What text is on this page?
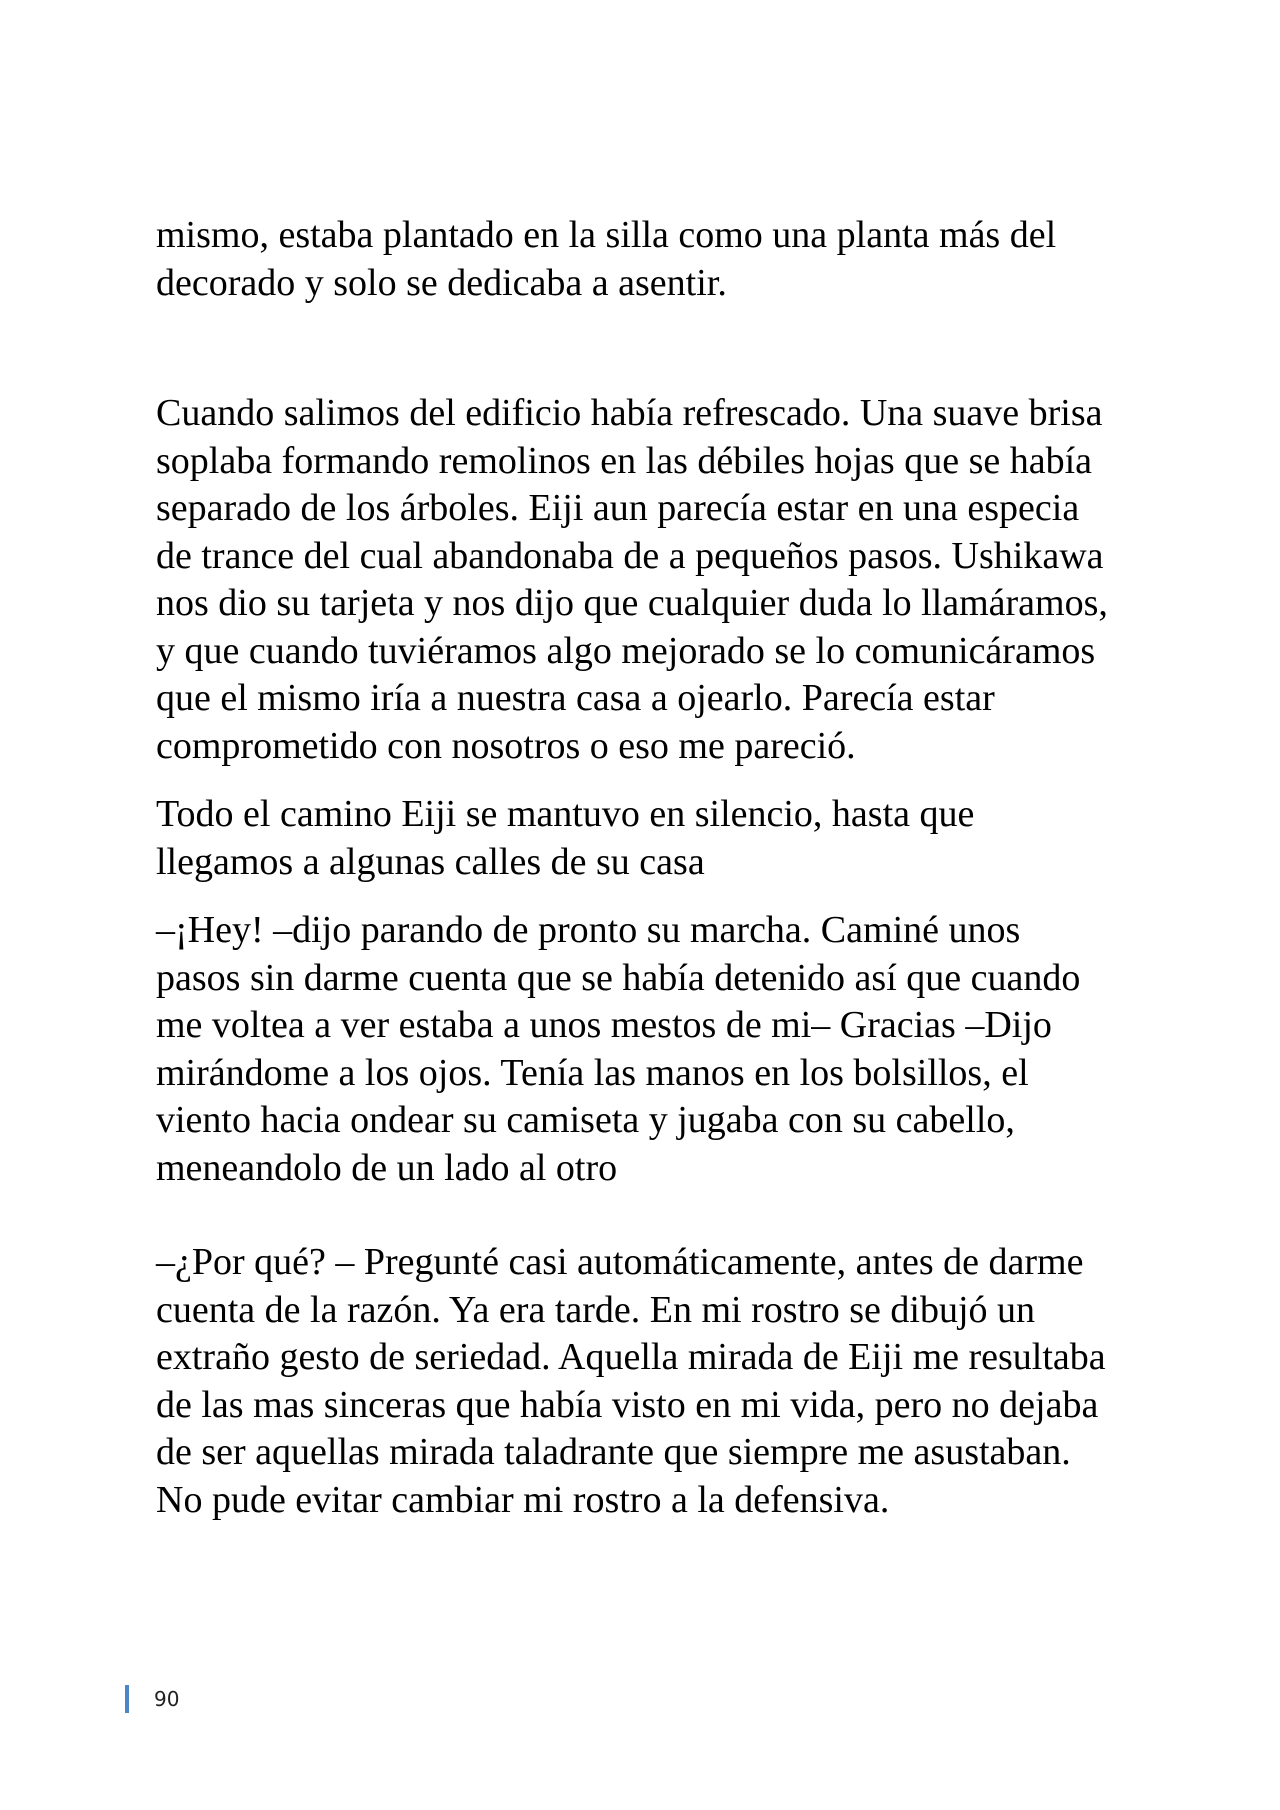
mismo, estaba plantado en la silla como una planta más del
decorado y solo se dedicaba a asentir.

Cuando salimos del edificio había refrescado. Una suave brisa
soplaba formando remolinos en las débiles hojas que se había
separado de los árboles. Eiji aun parecía estar en una especia
de trance del cual abandonaba de a pequeños pasos. Ushikawa
nos dio su tarjeta y nos dijo que cualquier duda lo llamáramos,
y que cuando tuviéramos algo mejorado se lo comunicáramos
que el mismo iría a nuestra casa a ojearlo. Parecía estar
comprometido con nosotros o eso me pareció.

Todo el camino Eiji se mantuvo en silencio, hasta que
llegamos a algunas calles de su casa

–¡Hey! –dijo parando de pronto su marcha. Caminé unos
pasos sin darme cuenta que se había detenido así que cuando
me voltea a ver estaba a unos mestos de mi– Gracias –Dijo
mirándome a los ojos. Tenía las manos en los bolsillos, el
viento hacia ondear su camiseta y jugaba con su cabello,
meneandolo de un lado al otro

–¿Por qué? – Pregunté casi automáticamente, antes de darme
cuenta de la razón. Ya era tarde. En mi rostro se dibujó un
extraño gesto de seriedad. Aquella mirada de Eiji me resultaba
de las mas sinceras que había visto en mi vida, pero no dejaba
de ser aquellas mirada taladrante que siempre me asustaban.
No pude evitar cambiar mi rostro a la defensiva.

90
